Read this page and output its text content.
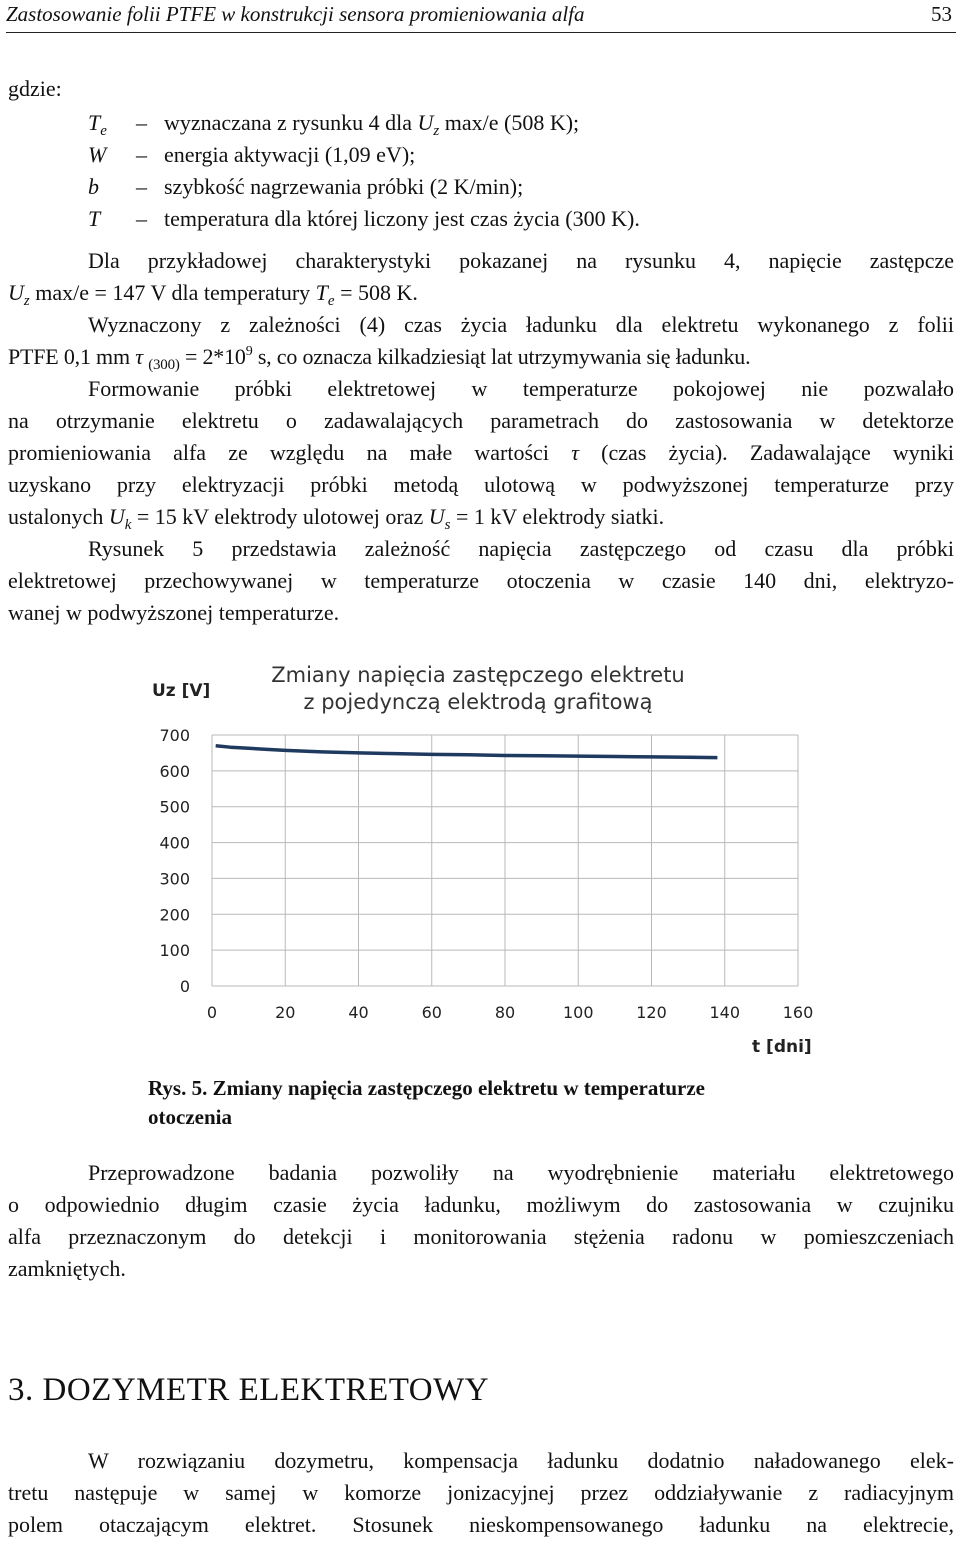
Zastosowanie folii PTFE w konstrukcji sensora promieniowania alfa	53
gdzie:
$T_e$ – wyznaczana z rysunku 4 dla $U_z$ max/e (508 K);
W – energia aktywacji (1,09 eV);
b – szybkość nagrzewania próbki (2 K/min);
T – temperatura dla której liczony jest czas życia (300 K).
Dla przykładowej charakterystyki pokazanej na rysunku 4, napięcie zastępcze
$U_z$ max/e = 147 V dla temperatury $T_e = 508$ K.
Wyznaczony z zależności (4) czas życia ładunku dla elektretu wykonanego z folii
PTFE 0,1 mm τ $_{(300)} = 2*10^9$ s, co oznacza kilkadziesiąt lat utrzymywania się ładunku.
Formowanie próbki elektretowej w temperaturze pokojowej nie pozwalało
na otrzymanie elektretu o zadawalających parametrach do zastosowania w detektorze
promieniowania alfa ze względu na małe wartości τ (czas życia). Zadawalające wyniki
uzyskano przy elektryzacji próbki metodą ulotową w podwyższonej temperaturze przy
ustalonych $U_k = 15$ kV elektrody ulotowej oraz $U_s = 1$ kV elektrody siatki.
Rysunek 5 przedstawia zależność napięcia zastępczego od czasu dla próbki
elektretowej przechowywanej w temperaturze otoczenia w czasie 140 dni, elektryzo-
wanej w podwyższonej temperaturze.
Zmiany napięcia zastępczego elektretu
z pojedynczą elektrodą grafitową
Uz [V]
t [dni]
0
100
200
300
400
500
600
700
0	20	40	60	80	100	120	140	160
Rys. 5. Zmiany napięcia zastępczego elektretu w temperaturze
otoczenia
Przeprowadzone badania pozwoliły na wyodrębnienie materiału elektretowego
o odpowiednio długim czasie życia ładunku, możliwym do zastosowania w czujniku
alfa przeznaczonym do detekcji i monitorowania stężenia radonu w pomieszczeniach
zamkniętych.
3. DOZYMETR ELEKTRETOWY
W rozwiązaniu dozymetru, kompensacja ładunku dodatnio naładowanego elek-
tretu następuje w samej w komorze jonizacyjnej przez oddziaływanie z radiacyjnym
polem otaczającym elektret. Stosunek nieskompensowanego ładunku na elektrecie,
